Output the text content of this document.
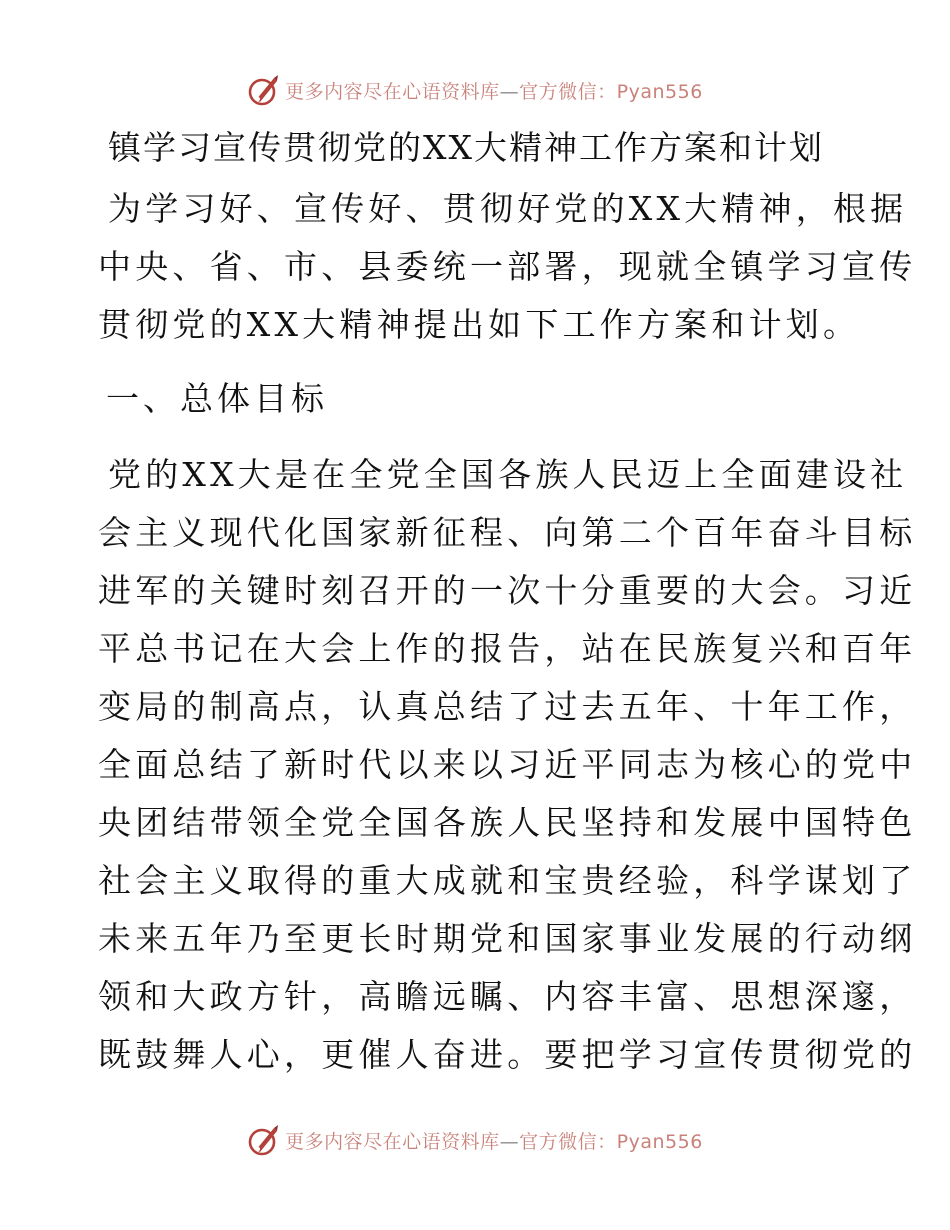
更多内容尽在心语资料库—官方微信：Pyan556
镇学习宣传贯彻党的XX大精神工作方案和计划
为学习好、宣传好、贯彻好党的XX大精神，根据
中央、省、市、县委统一部署，现就全镇学习宣传
贯彻党的XX大精神提出如下工作方案和计划。
一、总体目标
党的XX大是在全党全国各族人民迈上全面建设社
会主义现代化国家新征程、向第二个百年奋斗目标
进军的关键时刻召开的一次十分重要的大会。习近
平总书记在大会上作的报告，站在民族复兴和百年
变局的制高点，认真总结了过去五年、十年工作，
全面总结了新时代以来以习近平同志为核心的党中
央团结带领全党全国各族人民坚持和发展中国特色
社会主义取得的重大成就和宝贵经验，科学谋划了
未来五年乃至更长时期党和国家事业发展的行动纲
领和大政方针，高瞻远瞩、内容丰富、思想深邃，
既鼓舞人心，更催人奋进。要把学习宣传贯彻党的
更多内容尽在心语资料库—官方微信：Pyan556
